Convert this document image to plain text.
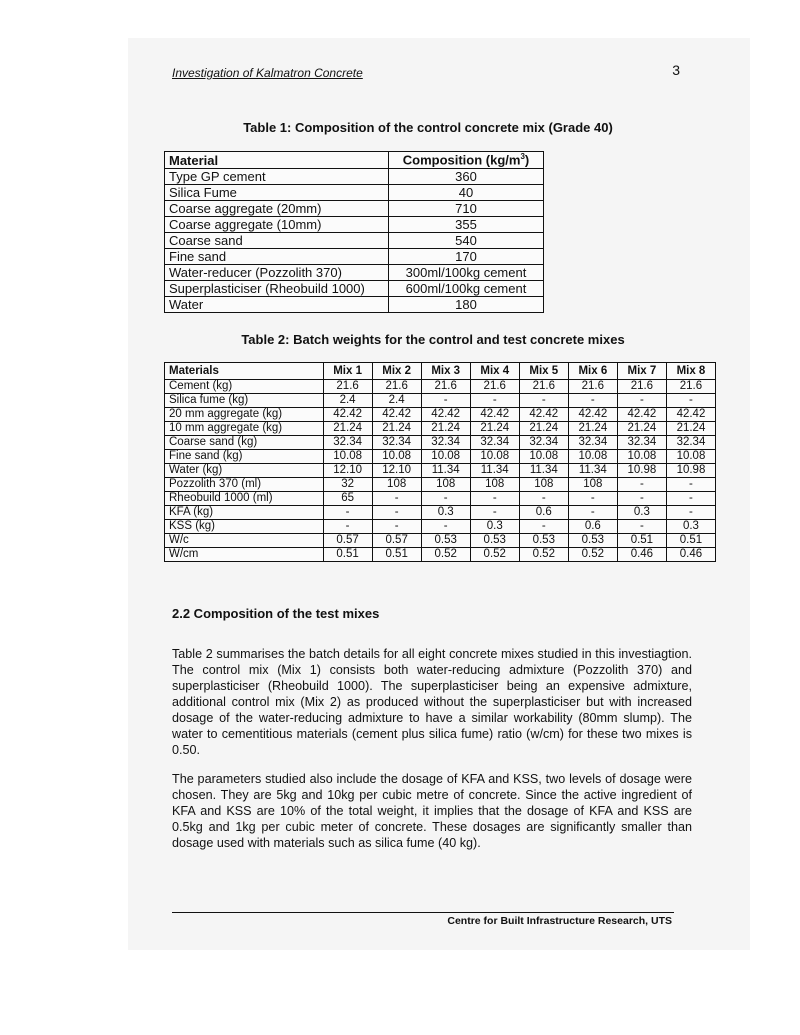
Investigation of Kalmatron Concrete	3
Table 1: Composition of the control concrete mix (Grade 40)
Material	Composition $(kg/m^3)$
Type GP cement	360
Silica Fume	40
Coarse aggregate (20mm)	710
Coarse aggregate (10mm)	355
Coarse sand	540
Fine sand	170
Water-reducer (Pozzolith 370)	300ml/100kg cement
Superplasticiser (Rheobuild 1000)	600ml/100kg cement
Water	180
Table 2: Batch weights for the control and test concrete mixes
Materials	Mix 1	Mix 2	Mix 3	Mix 4	Mix 5	Mix 6	Mix 7	Mix 8
Cement (kg)	21.6	21.6	21.6	21.6	21.6	21.6	21.6	21.6
Silica fume (kg)	2.4	2.4	-	-	-	-	-	-
20 mm aggregate (kg)	42.42	42.42	42.42	42.42	42.42	42.42	42.42	42.42
10 mm aggregate (kg)	21.24	21.24	21.24	21.24	21.24	21.24	21.24	21.24
Coarse sand (kg)	32.34	32.34	32.34	32.34	32.34	32.34	32.34	32.34
Fine sand (kg)	10.08	10.08	10.08	10.08	10.08	10.08	10.08	10.08
Water (kg)	12.10	12.10	11.34	11.34	11.34	11.34	10.98	10.98
Pozzolith 370 (ml)	32	108	108	108	108	108	-	-
Rheobuild 1000 (ml)	65	-	-	-	-	-	-	-
KFA (kg)	-	-	0.3	-	0.6	-	0.3	-
KSS (kg)	-	-	-	0.3	-	0.6	-	0.3
W/c	0.57	0.57	0.53	0.53	0.53	0.53	0.51	0.51
W/cm	0.51	0.51	0.52	0.52	0.52	0.52	0.46	0.46
2.2 Composition of the test mixes
Table 2 summarises the batch details for all eight concrete mixes studied in this investiagtion. The control mix (Mix 1) consists both water-reducing admixture (Pozzolith 370) and superplasticiser (Rheobuild 1000). The superplasticiser being an expensive admixture, additional control mix (Mix 2) as produced without the superplasticiser but with increased dosage of the water-reducing admixture to have a similar workability (80mm slump). The water to cementitious materials (cement plus silica fume) ratio (w/cm) for these two mixes is 0.50.
The parameters studied also include the dosage of KFA and KSS, two levels of dosage were chosen. They are 5kg and 10kg per cubic metre of concrete. Since the active ingredient of KFA and KSS are 10% of the total weight, it implies that the dosage of KFA and KSS are 0.5kg and 1kg per cubic meter of concrete. These dosages are significantly smaller than dosage used with materials such as silica fume (40 kg).
Centre for Built Infrastructure Research, UTS
